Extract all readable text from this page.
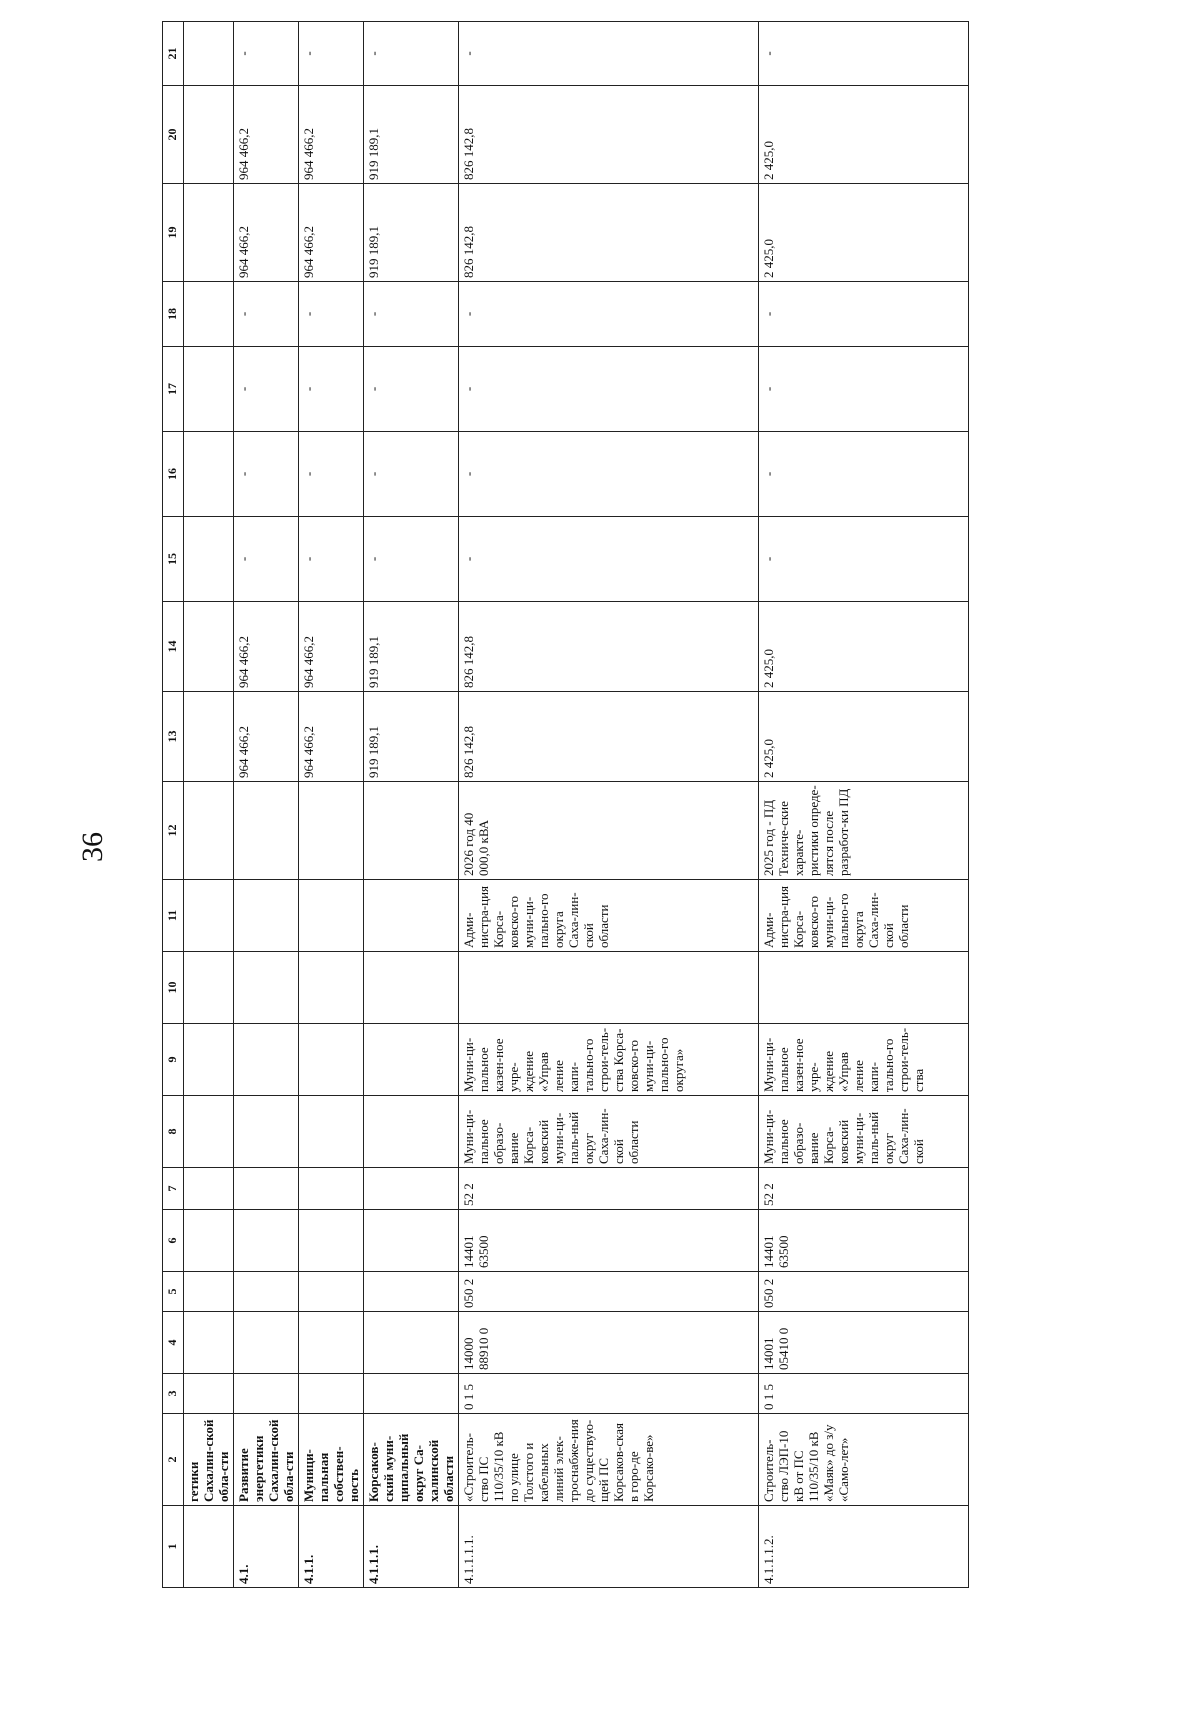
36
1	2	3	4	5	6	7	8	9	10	11	12	13	14	15	16	17	18	19	20	21
	гетики Сахалин-ской обла-сти																			
4.1.	Развитие энергетики Сахалин-ской обла-сти											964 466,2	964 466,2	-	-	-	-	964 466,2	964 466,2	-
4.1.1.	Муници-пальная собствен-ность											964 466,2	964 466,2	-	-	-	-	964 466,2	964 466,2	-
4.1.1.1.	Корсаков-ский муни-ципальный округ Са-халинской области											919 189,1	919 189,1	-	-	-	-	919 189,1	919 189,1	-
4.1.1.1.1.	«Строитель-ство ПС 110/35/10 кВ по улице Толстого и кабельных линий элек-троснабже-ния до существую-щей ПС Корсаков-ская в горо-де Корсако-ве»	0 1 5	14000 88910 0	050 2	14401 63500	52 2	Муни-ци-пальное образо-вание Корса-ковский муни-ци-паль-ный округ Саха-лин-ской области	Муни-ци-пальное казен-ное учре-ждение «Управ ление капи-тально-го строи-тель-ства Корса-ковско-го муни-ци-пально-го округа»		Адми-нистра-ция Корса-ковско-го муни-ци-пально-го округа Саха-лин-ской области	2026 год 40 000,0 кВА	826 142,8	826 142,8	-	-	-	-	826 142,8	826 142,8	-
4.1.1.1.2.	Строитель-ство ЛЭП-10 кВ от ПС 110/35/10 кВ «Маяк» до з/у «Само-лет»	0 1 5	14001 05410 0	050 2	14401 63500	52 2	Муни-ци-пальное образо-вание Корса-ковский муни-ци-паль-ный округ Саха-лин-ской	Муни-ци-пальное казен-ное учре-ждение «Управ ление капи-тально-го строи-тель-ства		Адми-нистра-ция Корса-ковско-го муни-ци-пально-го округа Саха-лин-ской области	2025 год - ПД Техниче-ские характе-ристики опреде-лятся после разработ-ки ПД	2 425,0	2 425,0	-	-	-	-	2 425,0	2 425,0	-
